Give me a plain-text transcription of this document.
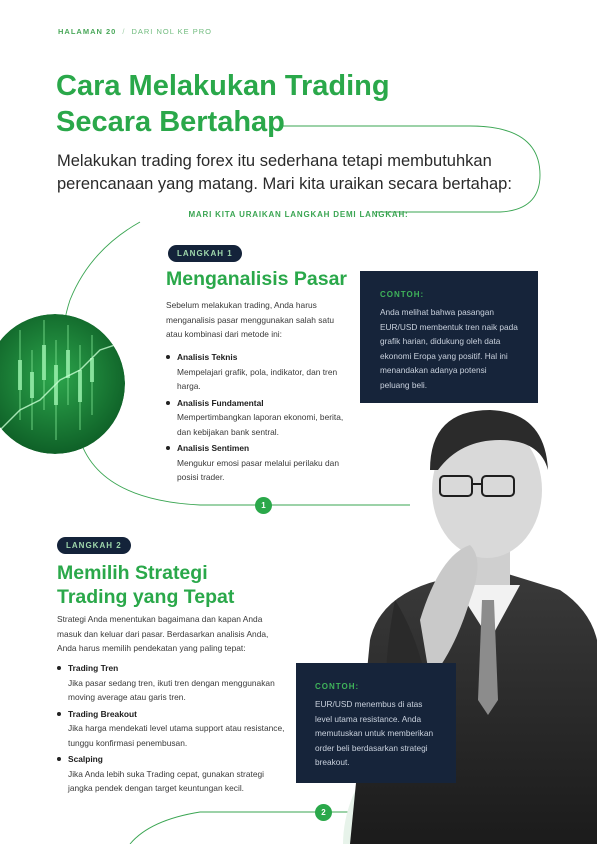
HALAMAN 20 / DARI NOL KE PRO
Cara Melakukan Trading
Secara Bertahap
Melakukan trading forex itu sederhana tetapi membutuhkan perencanaan yang matang. Mari kita uraikan secara bertahap:
MARI KITA URAIKAN LANGKAH DEMI LANGKAH:
LANGKAH 1
Menganalisis Pasar
Sebelum melakukan trading, Anda harus menganalisis pasar menggunakan salah satu atau kombinasi dari metode ini:
Analisis Teknis
Mempelajari grafik, pola, indikator, dan tren harga.
Analisis Fundamental
Mempertimbangkan laporan ekonomi, berita, dan kebijakan bank sentral.
Analisis Sentimen
Mengukur emosi pasar melalui perilaku dan posisi trader.
CONTOH:
Anda melihat bahwa pasangan EUR/USD membentuk tren naik pada grafik harian, didukung oleh data ekonomi Eropa yang positif. Hal ini menandakan adanya potensi peluang beli.
1
LANGKAH 2
Memilih Strategi
Trading yang Tepat
Strategi Anda menentukan bagaimana dan kapan Anda masuk dan keluar dari pasar. Berdasarkan analisis Anda, Anda harus memilih pendekatan yang paling tepat:
Trading Tren
Jika pasar sedang tren, ikuti tren dengan menggunakan moving average atau garis tren.
Trading Breakout
Jika harga mendekati level utama support atau resistance, tunggu konfirmasi penembusan.
Scalping
Jika Anda lebih suka Trading cepat, gunakan strategi jangka pendek dengan target keuntungan kecil.
CONTOH:
EUR/USD menembus di atas level utama resistance. Anda memutuskan untuk memberikan order beli berdasarkan strategi breakout.
2
